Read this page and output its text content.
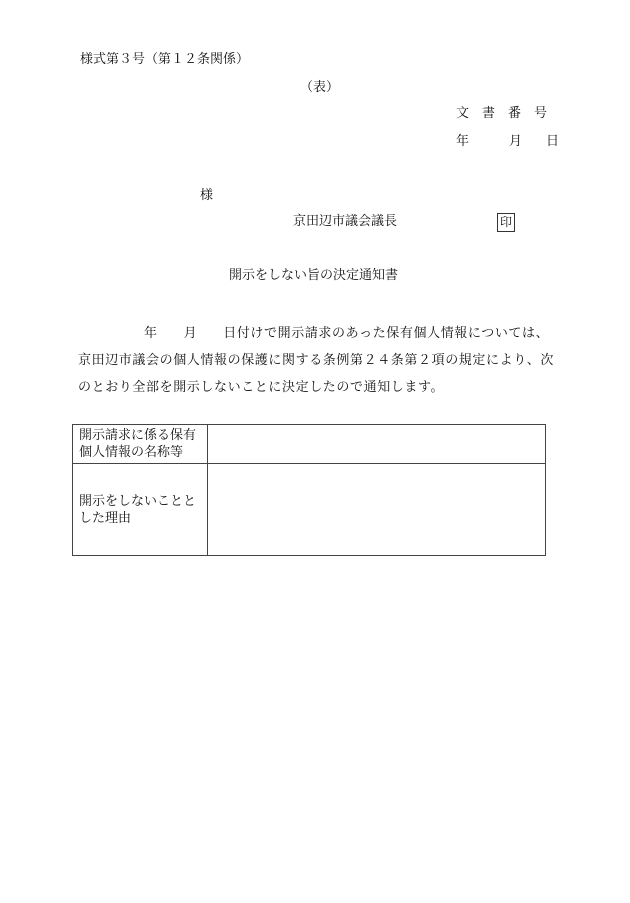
様式第３号（第１２条関係）
（表）
文　書　番　号
年	月 日
様
京田辺市議会議長	印
開示をしない旨の決定通知書
年 月 日付けで開示請求のあった保有個人情報については、
京田辺市議会の個人情報の保護に関する条例第２４条第２項の規定により、次
のとおり全部を開示しないことに決定したので通知します。
開示請求に係る保有個人情報の名称等	
開示をしないこととした理由	
